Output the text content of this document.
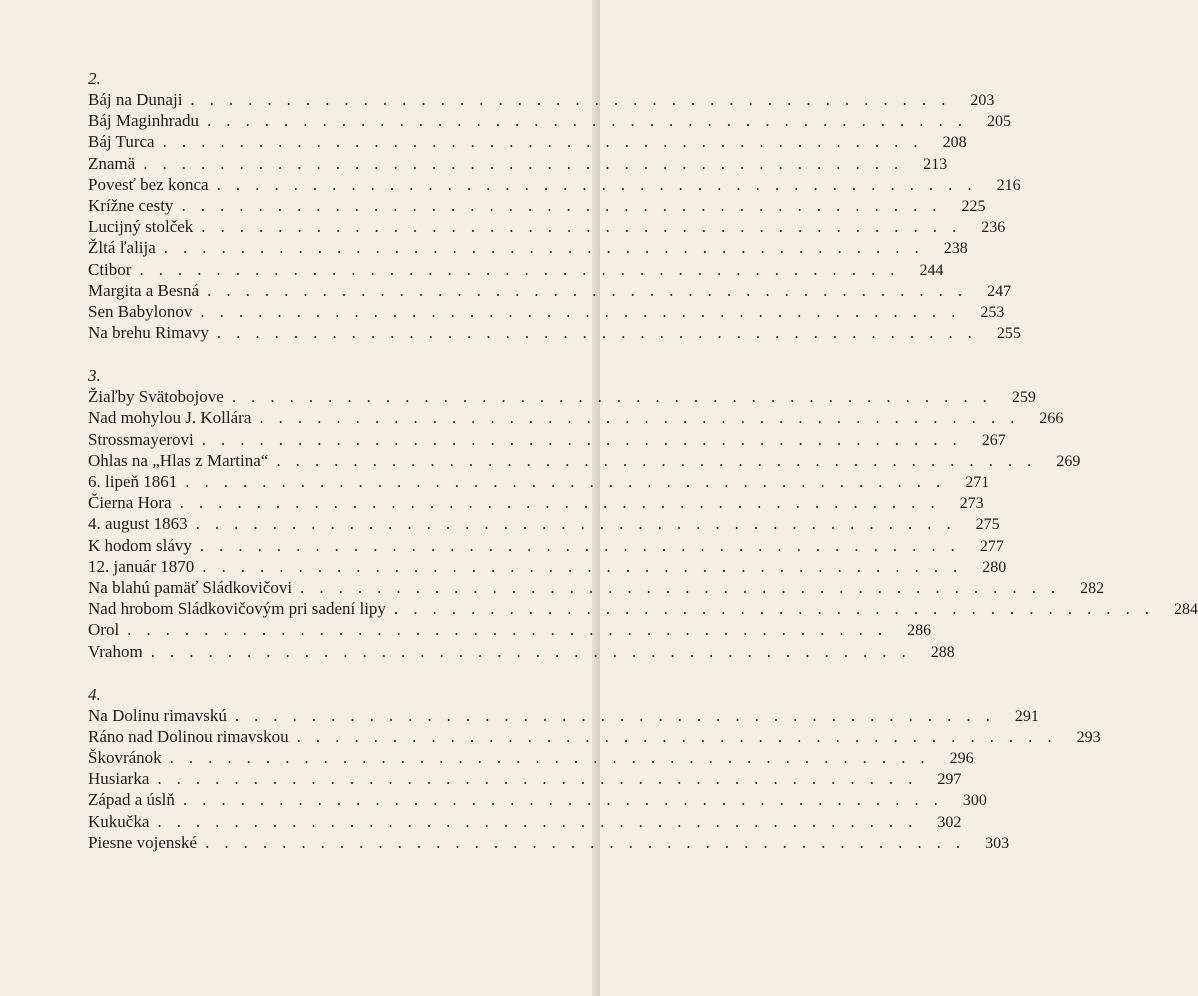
2.
Báj na Dunaji ........................................ 203
Báj Maginhradu ........................................ 205
Báj Turca ........................................ 208
Znamä ........................................ 213
Povesť bez konca ........................................ 216
Krížne cesty ........................................ 225
Lucijný stolček ........................................ 236
Žltá ľalija ........................................ 238
Ctibor ........................................ 244
Margita a Besná ........................................ 247
Sen Babylonov ........................................ 253
Na brehu Rimavy ........................................ 255
3.
Žiaľby Svätobojove ........................................ 259
Nad mohylou J. Kollára ........................................ 266
Strossmayerovi ........................................ 267
Ohlas na „Hlas z Martina“ ........................................ 269
6. lipeň 1861 ........................................ 271
Čierna Hora ........................................ 273
4. august 1863 ........................................ 275
K hodom slávy ........................................ 277
12. január 1870 ........................................ 280
Na blahú pamäť Sládkovičovi ........................................ 282
Nad hrobom Sládkovičovým pri sadení lipy ........................................ 284
Orol ........................................ 286
Vrahom ........................................ 288
4.
Na Dolinu rimavskú ........................................ 291
Ráno nad Dolinou rimavskou ........................................ 293
Škovránok ........................................ 296
Husiarka ........................................ 297
Západ a úslň ........................................ 300
Kukučka ........................................ 302
Piesne vojenské ........................................ 303
